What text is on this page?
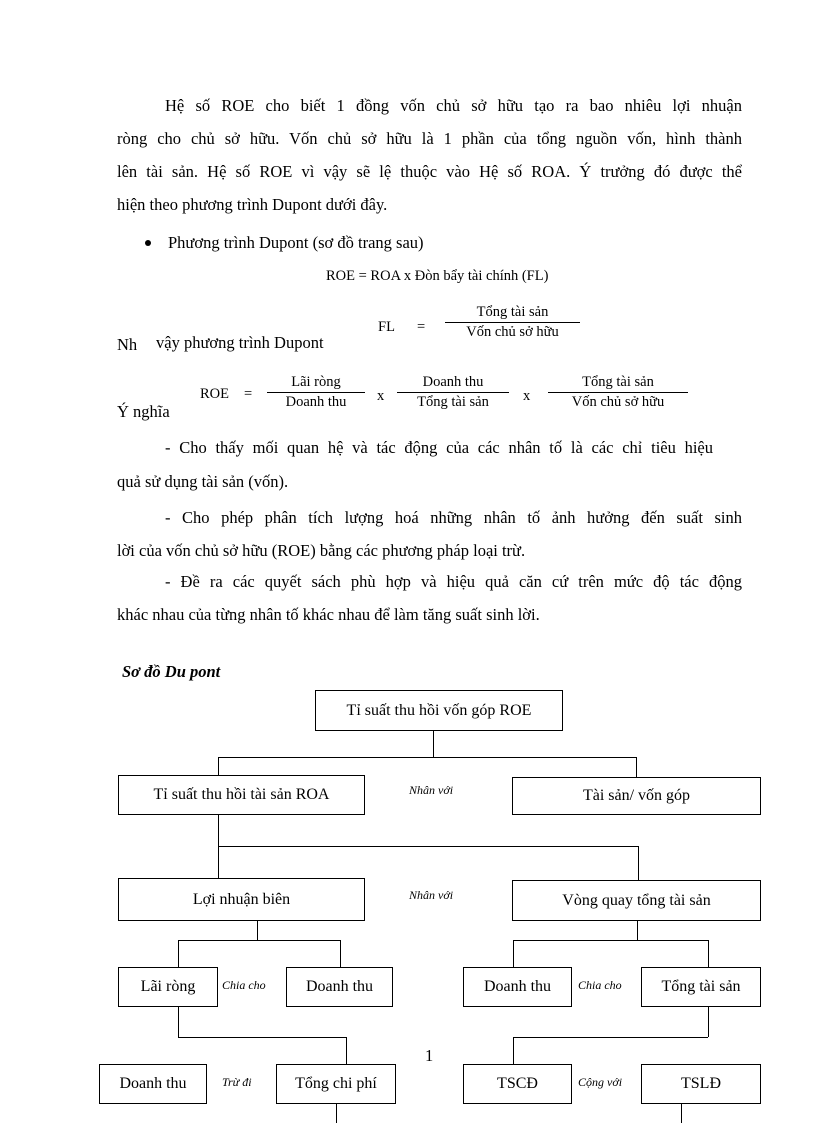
Hệ số ROE cho biết 1 đồng vốn chủ sở hữu tạo ra bao nhiêu lợi nhuận
ròng cho chủ sở hữu. Vốn chủ sở hữu là 1 phần của tổng nguồn vốn, hình thành
lên tài sản. Hệ số ROE vì vậy sẽ lệ thuộc vào Hệ số ROA. Ý trưởng đó được thể
hiện theo phương trình Dupont dưới đây.
Phương trình Dupont (sơ đồ trang sau)
ROE = ROA x Đòn bẩy tài chính (FL)
Nh vậy phương trình Dupont
FL =
Tổng tài sản
Vốn chủ sở hữu
Ý nghĩa
ROE =
Lãi ròng
Doanh thu	x
Doanh thu
Tổng tài sản	x
Tổng tài sản
Vốn chủ sở hữu
- Cho thấy mối quan hệ và tác động của các nhân tố là các chỉ tiêu hiệu
quả sử dụng tài sản (vốn).
- Cho phép phân tích lượng hoá những nhân tố ảnh hưởng đến suất sinh
lời của vốn chủ sở hữu (ROE) bằng các phương pháp loại trừ.
- Đề ra các quyết sách phù hợp và hiệu quả căn cứ trên mức độ tác động
khác nhau của từng nhân tố khác nhau để làm tăng suất sinh lời.
Sơ đồ Du pont
Tỉ suất thu hồi vốn góp ROE
Tỉ suất thu hồi tài sản ROA	Nhân với	Tài sản/ vốn góp
Lợi nhuận biên	Nhân với	Vòng quay tổng tài sản
Lãi ròng	Chia cho	Doanh thu	Doanh thu	Chia cho	Tổng tài sản
Doanh thu	Trừ đi	Tổng chi phí	TSCĐ	Cộng với	TSLĐ
1
